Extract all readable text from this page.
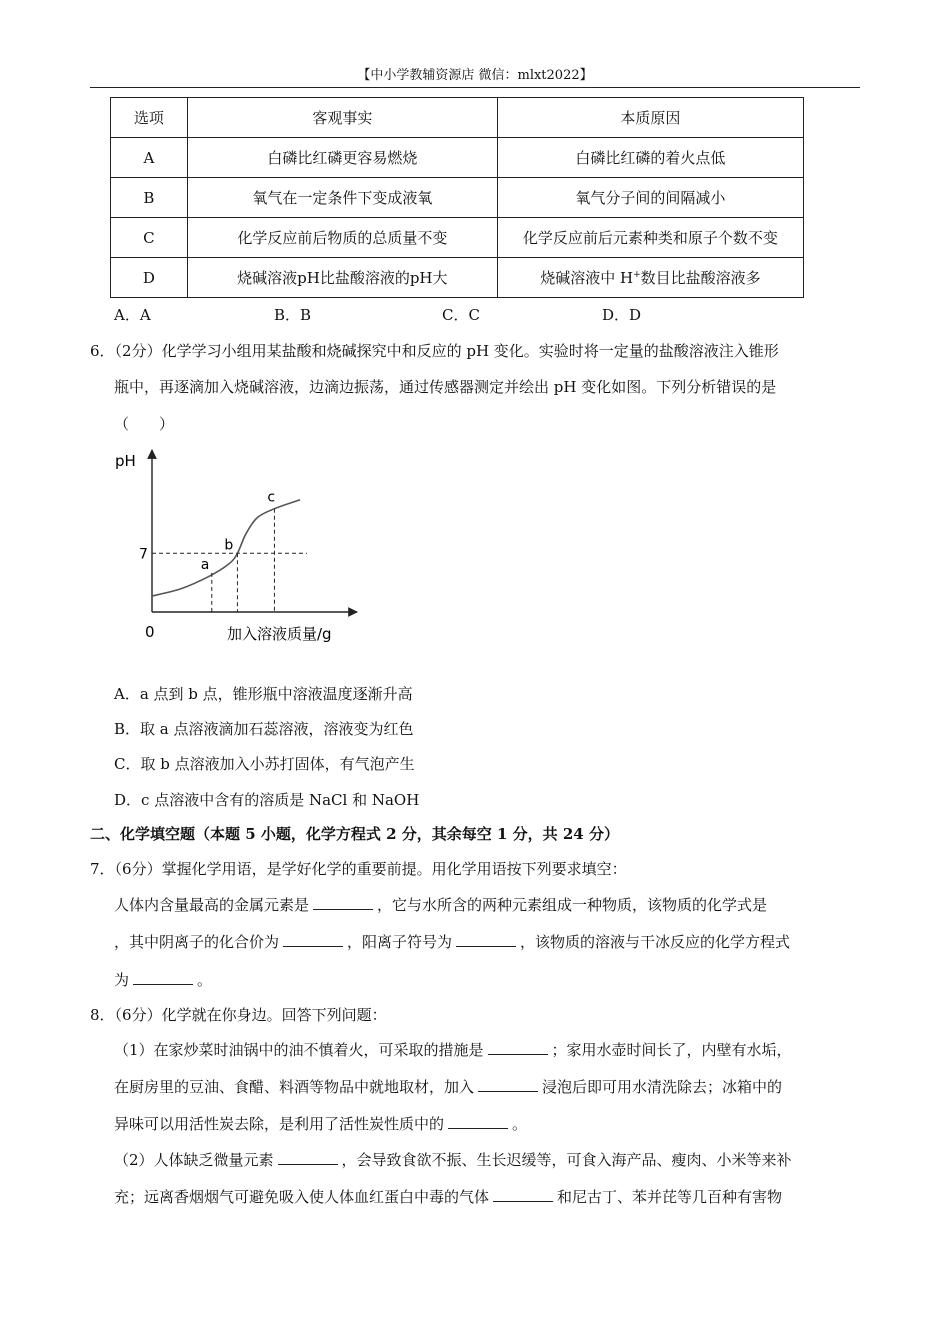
【中小学教辅资源店 微信：mlxt2022】
选项	客观事实	本质原因
A	白磷比红磷更容易燃烧	白磷比红磷的着火点低
B	氧气在一定条件下变成液氧	氧气分子间的间隔减小
C	化学反应前后物质的总质量不变	化学反应前后元素种类和原子个数不变
D	烧碱溶液pH比盐酸溶液的pH大	烧碱溶液中 H+数目比盐酸溶液多
A．A	B．B	C．C	D．D
6．（2分）化学学习小组用某盐酸和烧碱探究中和反应的 pH 变化。实验时将一定量的盐酸溶液注入锥形
瓶中，再逐滴加入烧碱溶液，边滴边振荡，通过传感器测定并绘出 pH 变化如图。下列分析错误的是
（　　）
pH
0	加入溶液质量/g
7
a
b
c
A．a 点到 b 点，锥形瓶中溶液温度逐渐升高
B．取 a 点溶液滴加石蕊溶液，溶液变为红色
C．取 b 点溶液加入小苏打固体，有气泡产生
D．c 点溶液中含有的溶质是 NaCl 和 NaOH
二、化学填空题（本题 5 小题，化学方程式 2 分，其余每空 1 分，共 24 分）
7．（6分）掌握化学用语，是学好化学的重要前提。用化学用语按下列要求填空：
人体内含量最高的金属元素是	，它与水所含的两种元素组成一种物质，该物质的化学式是
，其中阴离子的化合价为	，阳离子符号为	，该物质的溶液与干冰反应的化学方程式
为	。
8．（6分）化学就在你身边。回答下列问题：
（1）在家炒菜时油锅中的油不慎着火，可采取的措施是	；家用水壶时间长了，内壁有水垢，
在厨房里的豆油、食醋、料酒等物品中就地取材，加入	浸泡后即可用水清洗除去；冰箱中的
异味可以用活性炭去除，是利用了活性炭性质中的	。
（2）人体缺乏微量元素	，会导致食欲不振、生长迟缓等，可食入海产品、瘦肉、小米等来补
充；远离香烟烟气可避免吸入使人体血红蛋白中毒的气体	和尼古丁、苯并芘等几百种有害物
